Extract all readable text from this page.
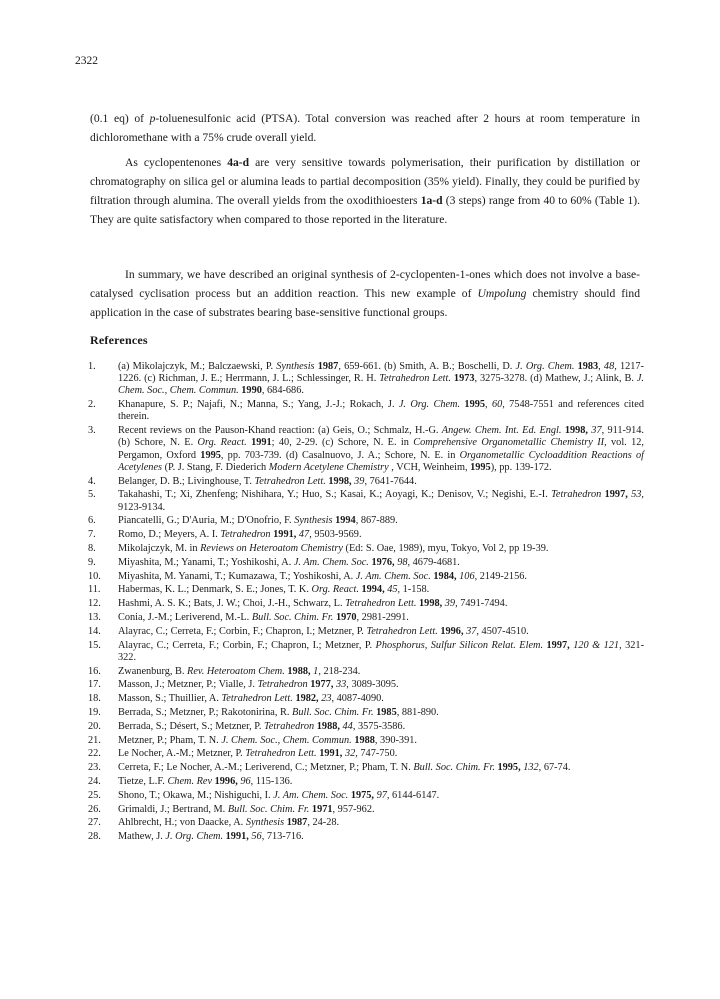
2322

(0.1 eq) of p-toluenesulfonic acid (PTSA). Total conversion was reached after 2 hours at room temperature in dichloromethane with a 75% crude overall yield.

As cyclopentenones 4a-d are very sensitive towards polymerisation, their purification by distillation or chromatography on silica gel or alumina leads to partial decomposition (35% yield). Finally, they could be purified by filtration through alumina. The overall yields from the oxodithioesters 1a-d (3 steps) range from 40 to 60% (Table 1). They are quite satisfactory when compared to those reported in the literature.

In summary, we have described an original synthesis of 2-cyclopenten-1-ones which does not involve a base-catalysed cyclisation process but an addition reaction. This new example of Umpolung chemistry should find application in the case of substrates bearing base-sensitive functional groups.

References
1.	(a) Mikolajczyk, M.; Balczaewski, P. Synthesis 1987, 659-661. (b) Smith, A. B.; Boschelli, D. J. Org. Chem. 1983, 48, 1217-1226. (c) Richman, J. E.; Herrmann, J. L.; Schlessinger, R. H. Tetrahedron Lett. 1973, 3275-3278. (d) Mathew, J.; Alink, B. J. Chem. Soc., Chem. Commun. 1990, 684-686.
2.	Khanapure, S. P.; Najafi, N.; Manna, S.; Yang, J.-J.; Rokach, J. J. Org. Chem. 1995, 60, 7548-7551 and references cited therein.
3.	Recent reviews on the Pauson-Khand reaction: (a) Geis, O.; Schmalz, H.-G. Angew. Chem. Int. Ed. Engl. 1998, 37, 911-914. (b) Schore, N. E. Org. React. 1991; 40, 2-29. (c) Schore, N. E. in Comprehensive Organometallic Chemistry II, vol. 12, Pergamon, Oxford 1995, pp. 703-739. (d) Casalnuovo, J. A.; Schore, N. E. in Organometallic Cycloaddition Reactions of Acetylenes (P. J. Stang, F. Diederich Modern Acetylene Chemistry , VCH, Weinheim, 1995), pp. 139-172.
4.	Belanger, D. B.; Livinghouse, T. Tetrahedron Lett. 1998, 39, 7641-7644.
5.	Takahashi, T.; Xi, Zhenfeng; Nishihara, Y.; Huo, S.; Kasai, K.; Aoyagi, K.; Denisov, V.; Negishi, E.-I. Tetrahedron 1997, 53, 9123-9134.
6.	Piancatelli, G.; D'Auria, M.; D'Onofrio, F. Synthesis 1994, 867-889.
7.	Romo, D.; Meyers, A. I. Tetrahedron 1991, 47, 9503-9569.
8.	Mikolajczyk, M. in Reviews on Heteroatom Chemistry (Ed: S. Oae, 1989), myu, Tokyo, Vol 2, pp 19-39.
9.	Miyashita, M.; Yanami, T.; Yoshikoshi, A. J. Am. Chem. Soc. 1976, 98, 4679-4681.
10.	Miyashita, M. Yanami, T.; Kumazawa, T.; Yoshikoshi, A. J. Am. Chem. Soc. 1984, 106, 2149-2156.
11.	Habermas, K. L.; Denmark, S. E.; Jones, T. K. Org. React. 1994, 45, 1-158.
12.	Hashmi, A. S. K.; Bats, J. W.; Choi, J.-H., Schwarz, L. Tetrahedron Lett. 1998, 39, 7491-7494.
13.	Conia, J.-M.; Leriverend, M.-L. Bull. Soc. Chim. Fr. 1970, 2981-2991.
14.	Alayrac, C.; Cerreta, F.; Corbin, F.; Chapron, I.; Metzner, P. Tetrahedron Lett. 1996, 37, 4507-4510.
15.	Alayrac, C.; Cerreta, F.; Corbin, F.; Chapron, I.; Metzner, P. Phosphorus, Sulfur Silicon Relat. Elem. 1997, 120 & 121, 321-322.
16.	Zwanenburg, B. Rev. Heteroatom Chem. 1988, 1, 218-234.
17.	Masson, J.; Metzner, P.; Vialle, J. Tetrahedron 1977, 33, 3089-3095.
18.	Masson, S.; Thuillier, A. Tetrahedron Lett. 1982, 23, 4087-4090.
19.	Berrada, S.; Metzner, P.; Rakotonirina, R. Bull. Soc. Chim. Fr. 1985, 881-890.
20.	Berrada, S.; Désert, S.; Metzner, P. Tetrahedron 1988, 44, 3575-3586.
21.	Metzner, P.; Pham, T. N. J. Chem. Soc., Chem. Commun. 1988, 390-391.
22.	Le Nocher, A.-M.; Metzner, P. Tetrahedron Lett. 1991, 32, 747-750.
23.	Cerreta, F.; Le Nocher, A.-M.; Leriverend, C.; Metzner, P.; Pham, T. N. Bull. Soc. Chim. Fr. 1995, 132, 67-74.
24.	Tietze, L.F. Chem. Rev 1996, 96, 115-136.
25.	Shono, T.; Okawa, M.; Nishiguchi, I. J. Am. Chem. Soc. 1975, 97, 6144-6147.
26.	Grimaldi, J.; Bertrand, M. Bull. Soc. Chim. Fr. 1971, 957-962.
27.	Ahlbrecht, H.; von Daacke, A. Synthesis 1987, 24-28.
28.	Mathew, J. J. Org. Chem. 1991, 56, 713-716.
